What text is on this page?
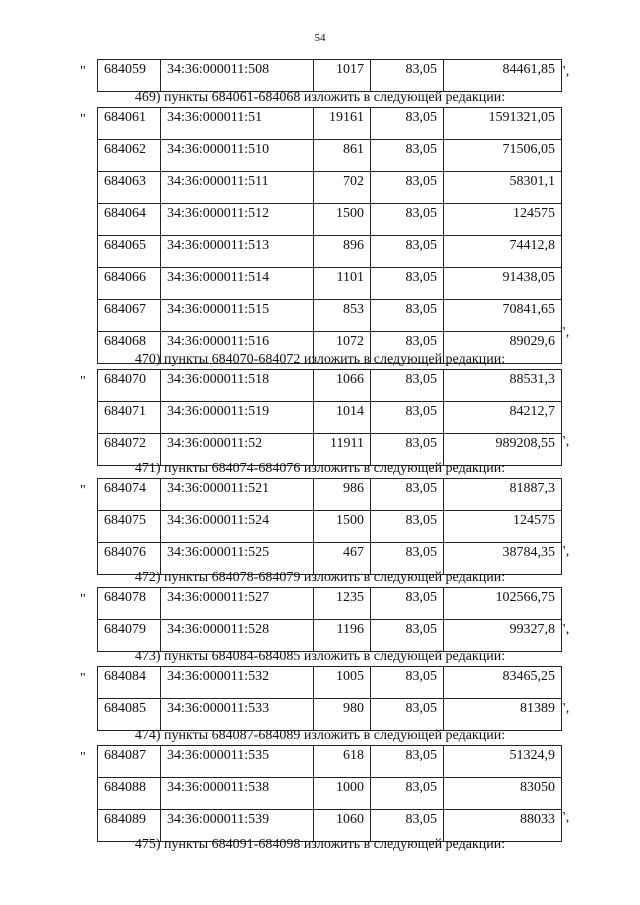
54
" 684059	34:36:000011:508	1017	83,05	84461,85 ",
469) пункты 684061-684068 изложить в следующей редакции:
" 684061	34:36:000011:51	19161	83,05	1591321,05
684062	34:36:000011:510	861	83,05	71506,05
684063	34:36:000011:511	702	83,05	58301,1
684064	34:36:000011:512	1500	83,05	124575
684065	34:36:000011:513	896	83,05	74412,8
684066	34:36:000011:514	1101	83,05	91438,05
684067	34:36:000011:515	853	83,05	70841,65
684068	34:36:000011:516	1072	83,05	89029,6
",
470) пункты 684070-684072 изложить в следующей редакции:
" 684070	34:36:000011:518	1066	83,05	88531,3
684071	34:36:000011:519	1014	83,05	84212,7
684072	34:36:000011:52	11911	83,05	989208,55 ",
471) пункты 684074-684076 изложить в следующей редакции:
" 684074	34:36:000011:521	986	83,05	81887,3
684075	34:36:000011:524	1500	83,05	124575
684076	34:36:000011:525	467	83,05	38784,35 ",
472) пункты 684078-684079 изложить в следующей редакции:
" 684078	34:36:000011:527	1235	83,05	102566,75
684079	34:36:000011:528	1196	83,05	99327,8 ",
473) пункты 684084-684085 изложить в следующей редакции:
" 684084	34:36:000011:532	1005	83,05	83465,25
684085	34:36:000011:533	980	83,05	81389 ",
474) пункты 684087-684089 изложить в следующей редакции:
" 684087	34:36:000011:535	618	83,05	51324,9
684088	34:36:000011:538	1000	83,05	83050
684089	34:36:000011:539	1060	83,05	88033 ",
475) пункты 684091-684098 изложить в следующей редакции:
